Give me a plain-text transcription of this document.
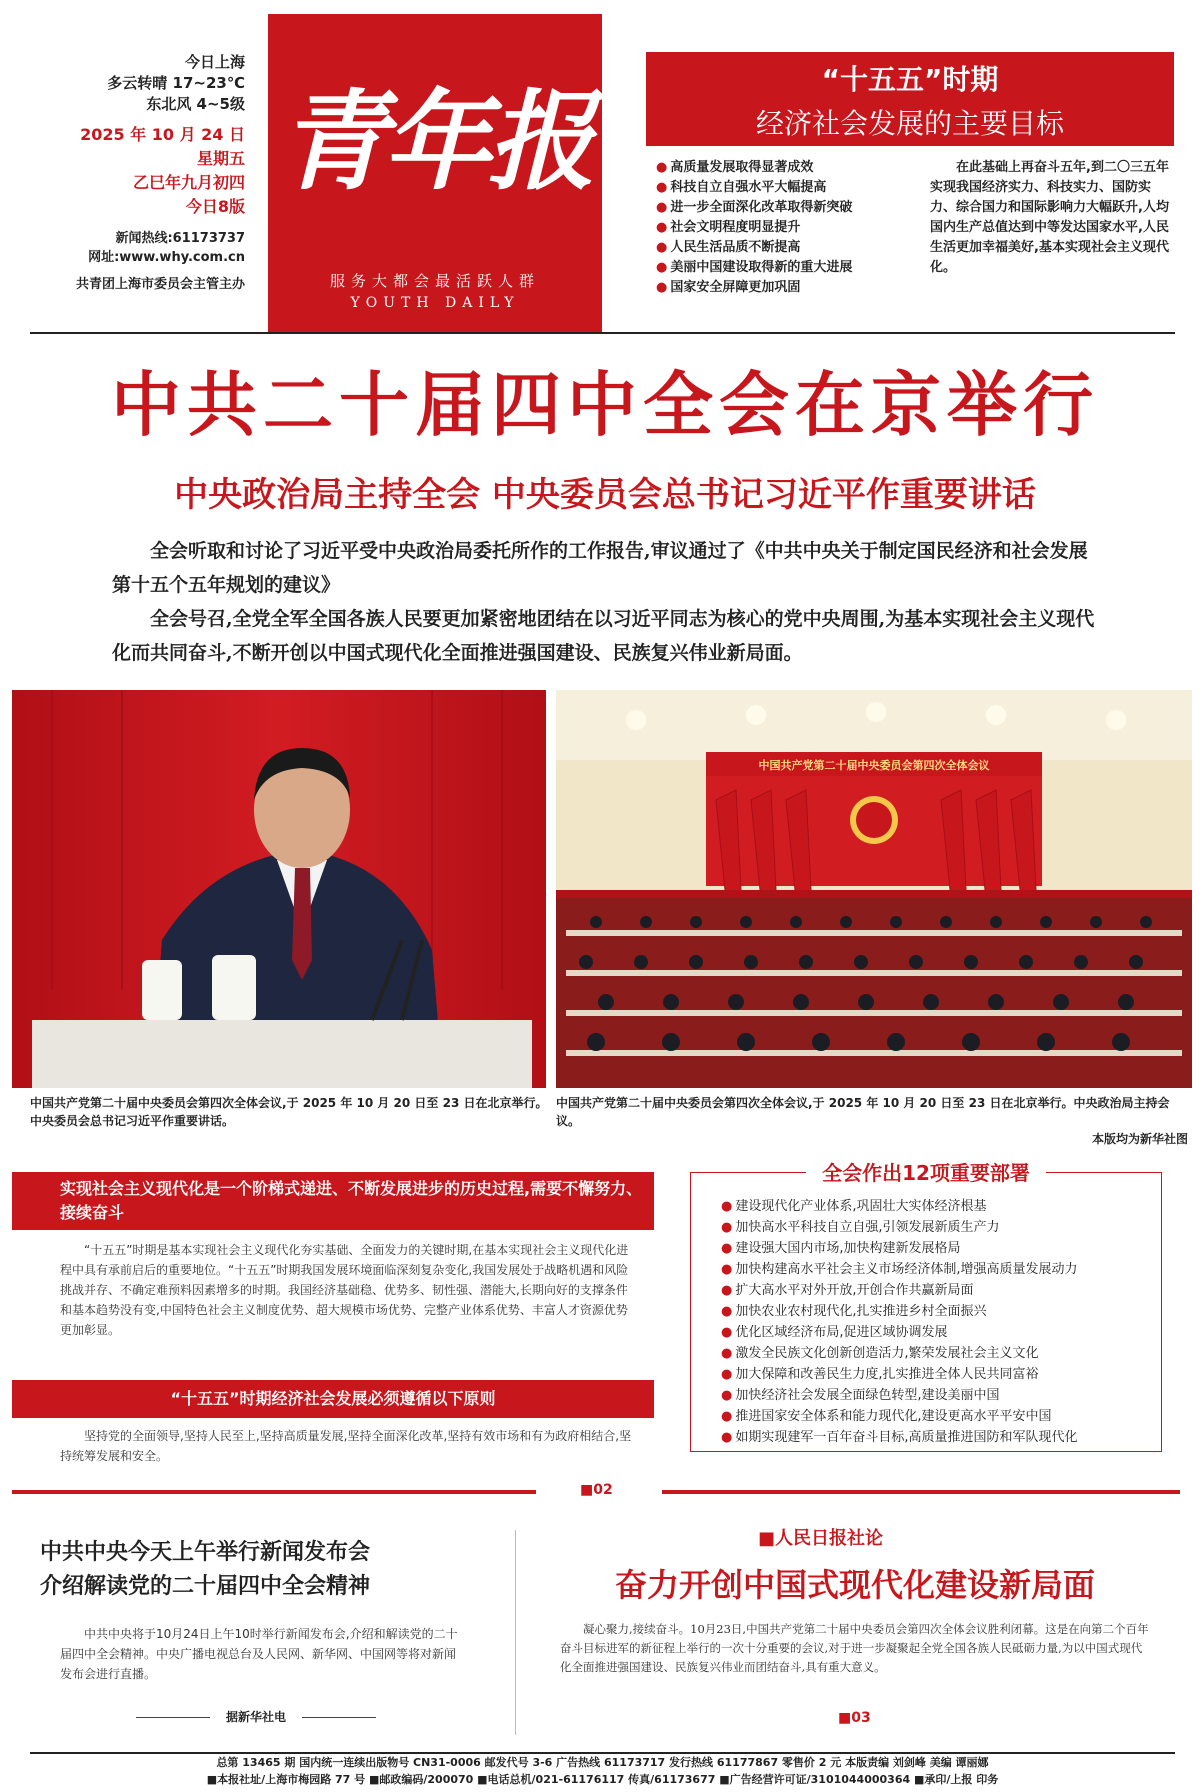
今日上海
多云转晴 17~23℃
东北风 4~5级
2025 年 10 月 24 日
星期五
乙巳年九月初四
今日8版
新闻热线:61173737
网址:www.why.com.cn
共青团上海市委员会主管主办
青年报
服务大都会最活跃人群
YOUTH DAILY
“十五五”时期
经济社会发展的主要目标
● 高质量发展取得显著成效
● 科技自立自强水平大幅提高
● 进一步全面深化改革取得新突破
● 社会文明程度明显提升
● 人民生活品质不断提高
● 美丽中国建设取得新的重大进展
● 国家安全屏障更加巩固
在此基础上再奋斗五年,到二〇三五年实现我国经济实力、科技实力、国防实力、综合国力和国际影响力大幅跃升,人均国内生产总值达到中等发达国家水平,人民生活更加幸福美好,基本实现社会主义现代化。
中共二十届四中全会在京举行
中央政治局主持全会 中央委员会总书记习近平作重要讲话
全会听取和讨论了习近平受中央政治局委托所作的工作报告,审议通过了《中共中央关于制定国民经济和社会发展第十五个五年规划的建议》
全会号召,全党全军全国各族人民要更加紧密地团结在以习近平同志为核心的党中央周围,为基本实现社会主义现代化而共同奋斗,不断开创以中国式现代化全面推进强国建设、民族复兴伟业新局面。
中国共产党第二十届中央委员会第四次全体会议
中国共产党第二十届中央委员会第四次全体会议,于 2025 年 10 月 20 日至 23 日在北京举行。中央委员会总书记习近平作重要讲话。
中国共产党第二十届中央委员会第四次全体会议,于 2025 年 10 月 20 日至 23 日在北京举行。中央政治局主持会议。
本版均为新华社图
实现社会主义现代化是一个阶梯式递进、不断发展进步的历史过程,需要不懈努力、接续奋斗
“十五五”时期是基本实现社会主义现代化夯实基础、全面发力的关键时期,在基本实现社会主义现代化进程中具有承前启后的重要地位。“十五五”时期我国发展环境面临深刻复杂变化,我国发展处于战略机遇和风险挑战并存、不确定难预料因素增多的时期。我国经济基础稳、优势多、韧性强、潜能大,长期向好的支撑条件和基本趋势没有变,中国特色社会主义制度优势、超大规模市场优势、完整产业体系优势、丰富人才资源优势更加彰显。
“十五五”时期经济社会发展必须遵循以下原则
坚持党的全面领导,坚持人民至上,坚持高质量发展,坚持全面深化改革,坚持有效市场和有为政府相结合,坚持统筹发展和安全。
全会作出12项重要部署
● 建设现代化产业体系,巩固壮大实体经济根基
● 加快高水平科技自立自强,引领发展新质生产力
● 建设强大国内市场,加快构建新发展格局
● 加快构建高水平社会主义市场经济体制,增强高质量发展动力
● 扩大高水平对外开放,开创合作共赢新局面
● 加快农业农村现代化,扎实推进乡村全面振兴
● 优化区域经济布局,促进区域协调发展
● 激发全民族文化创新创造活力,繁荣发展社会主义文化
● 加大保障和改善民生力度,扎实推进全体人民共同富裕
● 加快经济社会发展全面绿色转型,建设美丽中国
● 推进国家安全体系和能力现代化,建设更高水平平安中国
● 如期实现建军一百年奋斗目标,高质量推进国防和军队现代化
■02
中共中央今天上午举行新闻发布会
介绍解读党的二十届四中全会精神
中共中央将于10月24日上午10时举行新闻发布会,介绍和解读党的二十届四中全会精神。中央广播电视总台及人民网、新华网、中国网等将对新闻发布会进行直播。
据新华社电
■人民日报社论
奋力开创中国式现代化建设新局面
凝心聚力,接续奋斗。10月23日,中国共产党第二十届中央委员会第四次全体会议胜利闭幕。这是在向第二个百年奋斗目标进军的新征程上举行的一次十分重要的会议,对于进一步凝聚起全党全国各族人民砥砺力量,为以中国式现代化全面推进强国建设、民族复兴伟业而团结奋斗,具有重大意义。
■03
总第 13465 期 国内统一连续出版物号 CN31-0006 邮发代号 3-6 广告热线 61173717 发行热线 61177867 零售价 2 元 本版责编 刘剑峰 美编 谭丽娜
■本报社址/上海市梅园路 77 号 ■邮政编码/200070 ■电话总机/021-61176117 传真/61173677 ■广告经营许可证/3101044000364 ■承印/上报 印务
